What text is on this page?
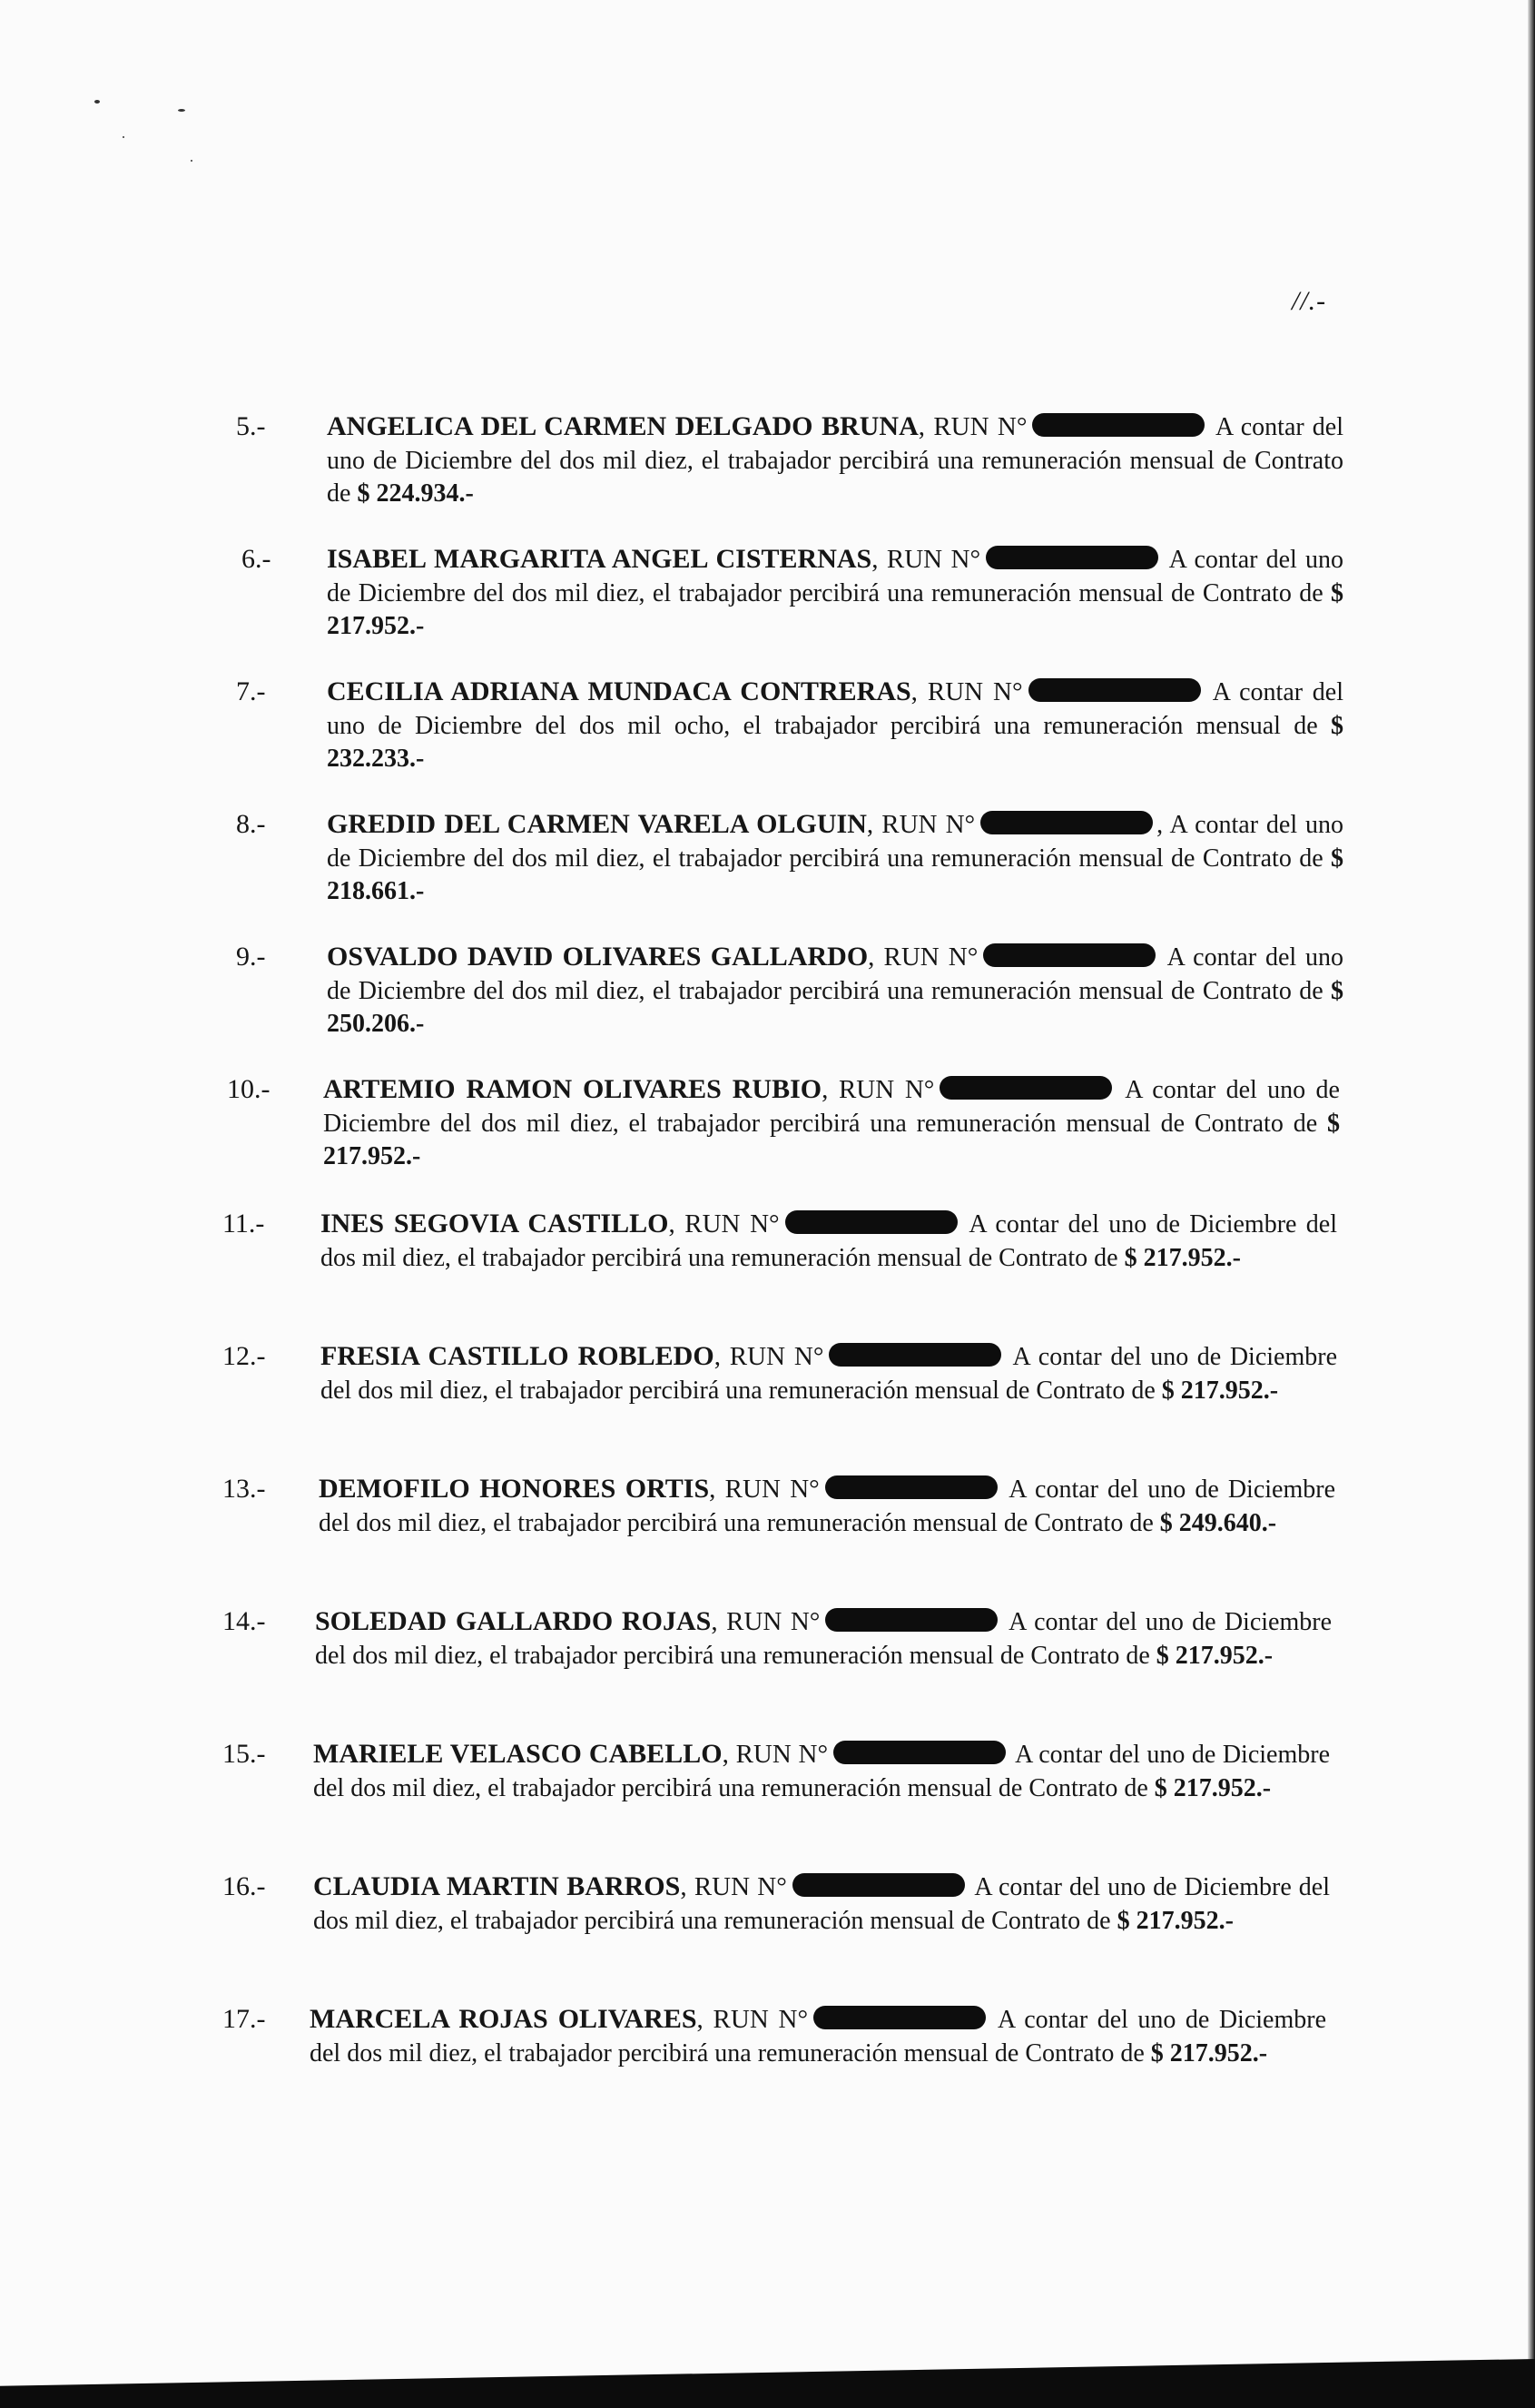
//.-
5.- ANGELICA DEL CARMEN DELGADO BRUNA, RUN N°	A contar del uno de Diciembre del dos mil diez, el trabajador percibirá una remuneración mensual de Contrato de $ 224.934.-
6.- ISABEL MARGARITA ANGEL CISTERNAS, RUN N°	A contar del uno de Diciembre del dos mil diez, el trabajador percibirá una remuneración mensual de Contrato de $ 217.952.-
7.- CECILIA ADRIANA MUNDACA CONTRERAS, RUN N°	A contar del uno de Diciembre del dos mil ocho, el trabajador percibirá una remuneración mensual de $ 232.233.-
8.- GREDID DEL CARMEN VARELA OLGUIN, RUN N°	, A contar del uno de Diciembre del dos mil diez, el trabajador percibirá una remuneración mensual de Contrato de $ 218.661.-
9.- OSVALDO DAVID OLIVARES GALLARDO, RUN N°	A contar del uno de Diciembre del dos mil diez, el trabajador percibirá una remuneración mensual de Contrato de $ 250.206.-
10.- ARTEMIO RAMON OLIVARES RUBIO, RUN N°	A contar del uno de Diciembre del dos mil diez, el trabajador percibirá una remuneración mensual de Contrato de $ 217.952.-
11.- INES SEGOVIA CASTILLO, RUN N°	A contar del uno de Diciembre del dos mil diez, el trabajador percibirá una remuneración mensual de Contrato de $ 217.952.-
12.- FRESIA CASTILLO ROBLEDO, RUN N°	A contar del uno de Diciembre del dos mil diez, el trabajador percibirá una remuneración mensual de Contrato de $ 217.952.-
13.- DEMOFILO HONORES ORTIS, RUN N°	A contar del uno de Diciembre del dos mil diez, el trabajador percibirá una remuneración mensual de Contrato de $ 249.640.-
14.- SOLEDAD GALLARDO ROJAS, RUN N°	A contar del uno de Diciembre del dos mil diez, el trabajador percibirá una remuneración mensual de Contrato de $ 217.952.-
15.- MARIELE VELASCO CABELLO, RUN N°	A contar del uno de Diciembre del dos mil diez, el trabajador percibirá una remuneración mensual de Contrato de $ 217.952.-
16.- CLAUDIA MARTIN BARROS, RUN N°	A contar del uno de Diciembre del dos mil diez, el trabajador percibirá una remuneración mensual de Contrato de $ 217.952.-
17.- MARCELA ROJAS OLIVARES, RUN N°	A contar del uno de Diciembre del dos mil diez, el trabajador percibirá una remuneración mensual de Contrato de $ 217.952.-
